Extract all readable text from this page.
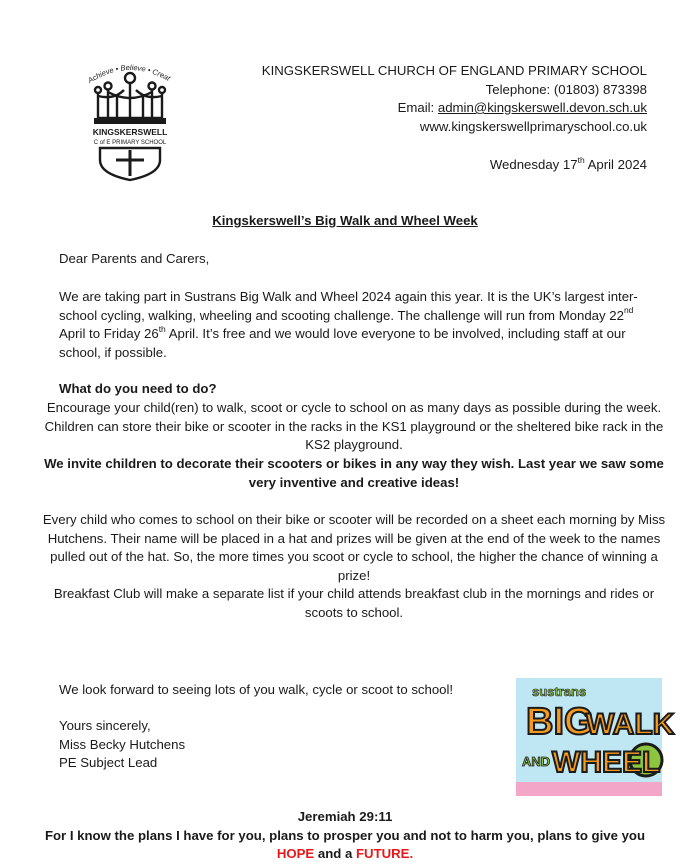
Achieve • Believe • Creat
KINGSKERSWELL
C of E PRIMARY SCHOOL
KINGSKERSWELL CHURCH OF ENGLAND PRIMARY SCHOOL
Telephone: (01803) 873398
Email: admin@kingskerswell.devon.sch.uk
www.kingskerswellprimaryschool.co.uk
Wednesday 17th April 2024
Kingskerswell’s Big Walk and Wheel Week
Dear Parents and Carers,
We are taking part in Sustrans Big Walk and Wheel 2024 again this year. It is the UK’s largest inter-school cycling, walking, wheeling and scooting challenge. The challenge will run from Monday 22nd April to Friday 26th April. It’s free and we would love everyone to be involved, including staff at our school, if possible.
What do you need to do?
Encourage your child(ren) to walk, scoot or cycle to school on as many days as possible during the week. Children can store their bike or scooter in the racks in the KS1 playground or the sheltered bike rack in the KS2 playground.
We invite children to decorate their scooters or bikes in any way they wish. Last year we saw some very inventive and creative ideas!
Every child who comes to school on their bike or scooter will be recorded on a sheet each morning by Miss Hutchens. Their name will be placed in a hat and prizes will be given at the end of the week to the names pulled out of the hat. So, the more times you scoot or cycle to school, the higher the chance of winning a prize!
Breakfast Club will make a separate list if your child attends breakfast club in the mornings and rides or scoots to school.
We look forward to seeing lots of you walk, cycle or scoot to school!
Yours sincerely,
Miss Becky Hutchens
PE Subject Lead
sustrans
BIG
WALK
AND WHEEL
Jeremiah 29:11
For I know the plans I have for you, plans to prosper you and not to harm you, plans to give you
HOPE and a FUTURE.
